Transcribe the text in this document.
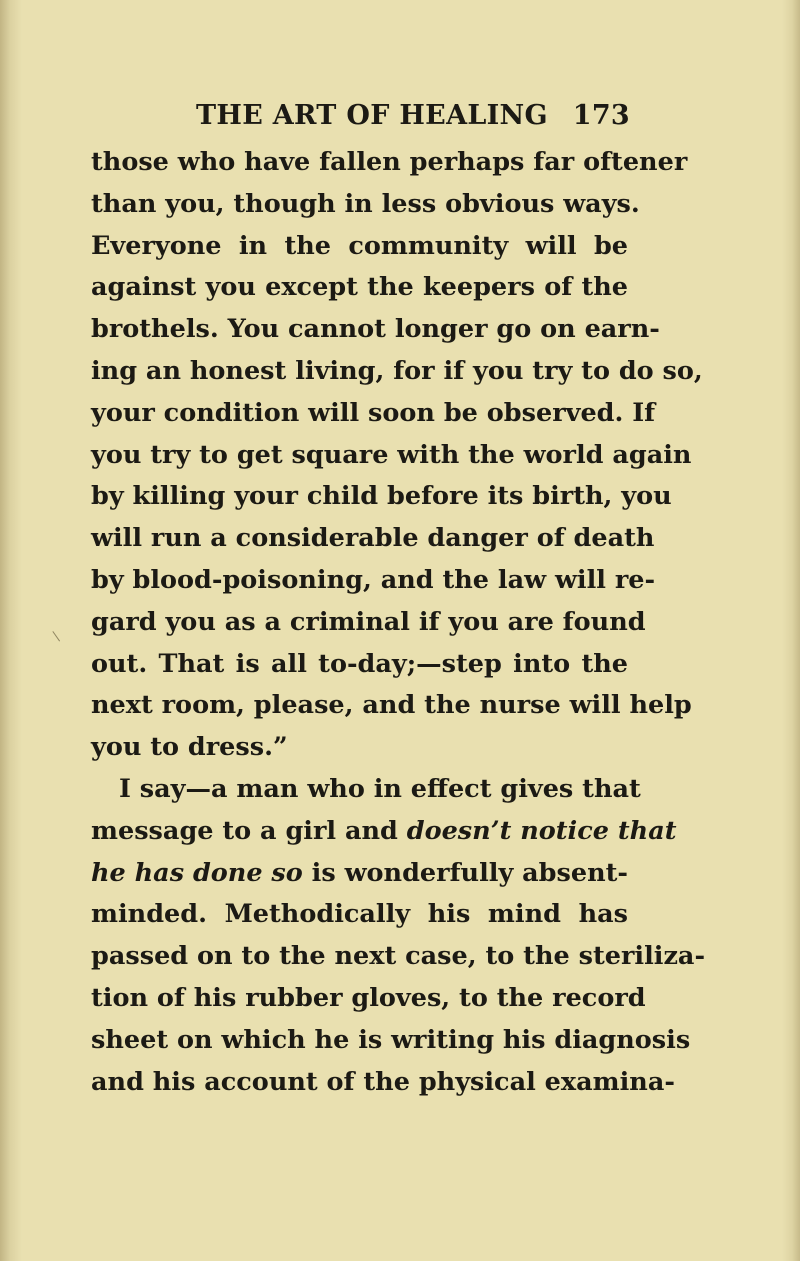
THE ART OF HEALING 173
those who have fallen perhaps far oftener
than you, though in less obvious ways.
Everyone in the community will be
against you except the keepers of the
brothels. You cannot longer go on earn-
ing an honest living, for if you try to do so,
your condition will soon be observed. If
you try to get square with the world again
by killing your child before its birth, you
will run a considerable danger of death
by blood-poisoning, and the law will re-
gard you as a criminal if you are found
out. That is all to-day;—step into the
next room, please, and the nurse will help
you to dress.”
I say—a man who in effect gives that
message to a girl and doesn’t notice that
he has done so is wonderfully absent-
minded. Methodically his mind has
passed on to the next case, to the steriliza-
tion of his rubber gloves, to the record
sheet on which he is writing his diagnosis
and his account of the physical examina-
